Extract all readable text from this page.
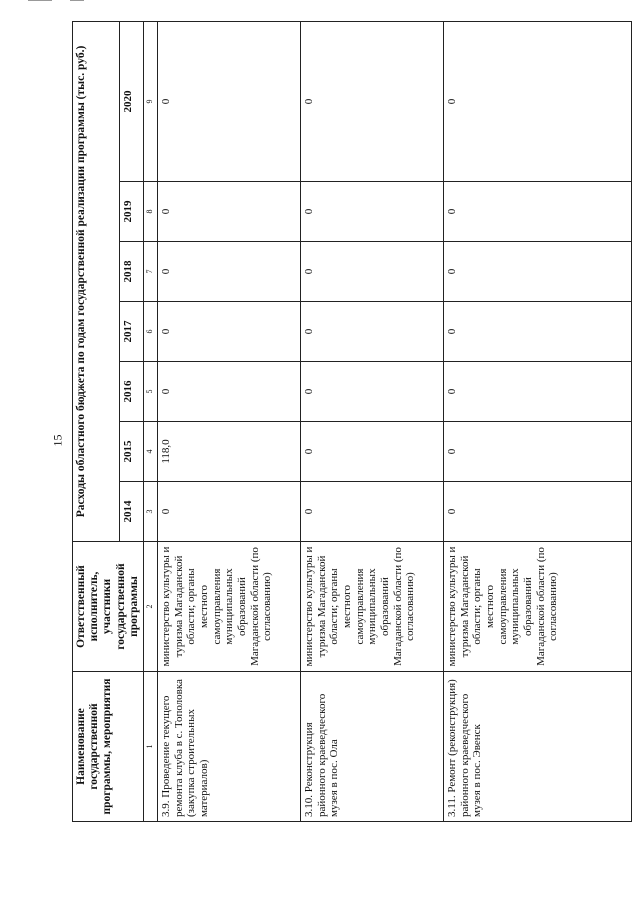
15
Наименование государственной программы, мероприятия	Ответственный исполнитель, участники государственной программы	Расходы областного бюджета по годам государственной реализации программы (тыс. руб.)						
		2014	2015	2016	2017	2018	2019	2020
1	2	3	4	5	6	7	8	9
3.9. Проведение текущего ремонта клуба в с. Тополовка (закупка строительных материалов)	министерство культуры и туризма Магаданской области; органы местного самоуправления муниципальных образований Магаданской области (по согласованию)	0	118,0	0	0	0	0	0
3.10. Реконструкция районного краеведческого музея в пос. Ола	министерство культуры и туризма Магаданской области; органы местного самоуправления муниципальных образований Магаданской области (по согласованию)	0	0	0	0	0	0	0
3.11. Ремонт (реконструкция) районного краеведческого музея в пос. Эвенск	министерство культуры и туризма Магаданской области; органы местного самоуправления муниципальных образований Магаданской области (по согласованию)	0	0	0	0	0	0	0
